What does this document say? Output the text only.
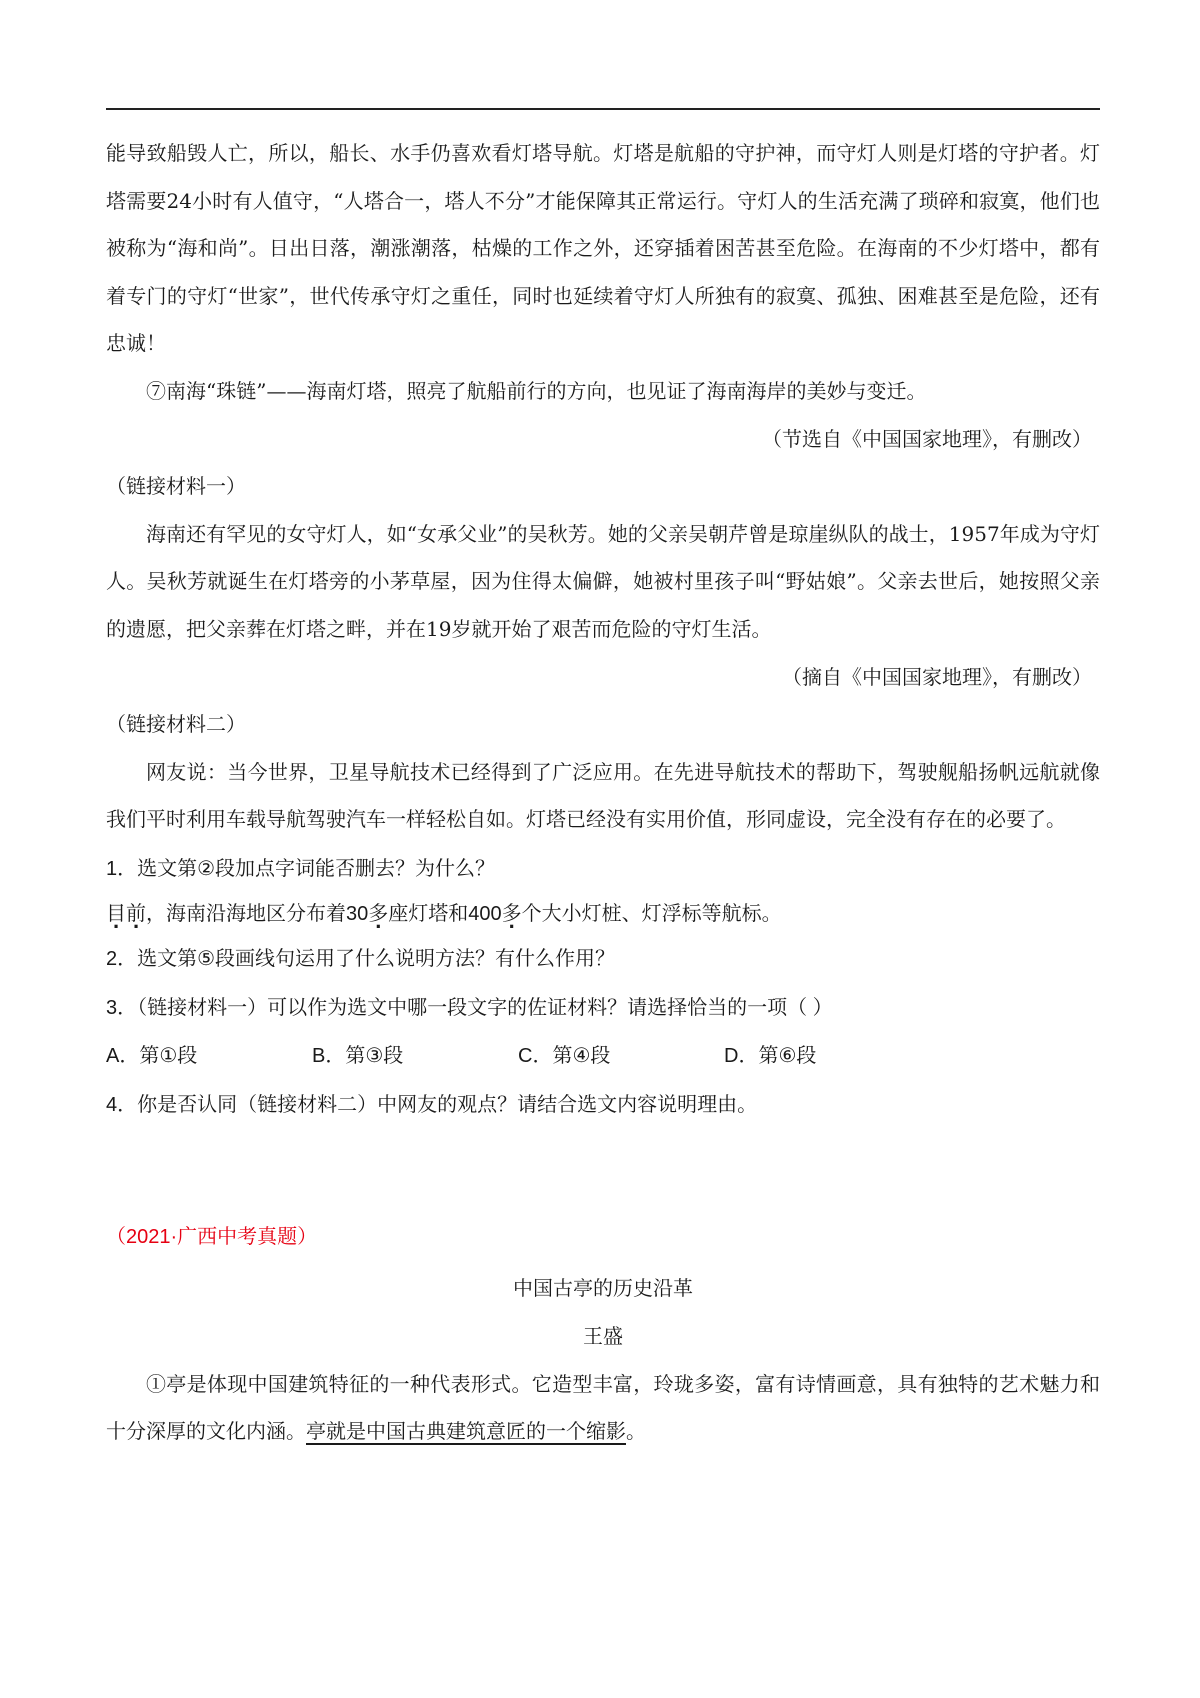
能导致船毁人亡，所以，船长、水手仍喜欢看灯塔导航。灯塔是航船的守护神，而守灯人则是灯塔的守护者。灯塔需要24小时有人值守，“人塔合一，塔人不分”才能保障其正常运行。守灯人的生活充满了琐碎和寂寞，他们也被称为“海和尚”。日出日落，潮涨潮落，枯燥的工作之外，还穿插着困苦甚至危险。在海南的不少灯塔中，都有着专门的守灯“世家”，世代传承守灯之重任，同时也延续着守灯人所独有的寂寞、孤独、困难甚至是危险，还有忠诚！

⑦南海“珠链”——海南灯塔，照亮了航船前行的方向，也见证了海南海岸的美妙与变迁。

（节选自《中国国家地理》，有删改）

（链接材料一）

海南还有罕见的女守灯人，如“女承父业”的吴秋芳。她的父亲吴朝芹曾是琼崖纵队的战士，1957年成为守灯人。吴秋芳就诞生在灯塔旁的小茅草屋，因为住得太偏僻，她被村里孩子叫“野姑娘”。父亲去世后，她按照父亲的遗愿，把父亲葬在灯塔之畔，并在19岁就开始了艰苦而危险的守灯生活。

（摘自《中国国家地理》，有删改）

（链接材料二）

网友说：当今世界，卫星导航技术已经得到了广泛应用。在先进导航技术的帮助下，驾驶舰船扬帆远航就像我们平时利用车载导航驾驶汽车一样轻松自如。灯塔已经没有实用价值，形同虚设，完全没有存在的必要了。

1．选文第②段加点字词能否删去？为什么？

目 .前 .，海南沿海地区分布着30多 .座灯塔和400多 .个大小灯桩、灯浮标等航标。

2．选文第⑤段画线句运用了什么说明方法？有什么作用？

3．（链接材料一）可以作为选文中哪一段文字的佐证材料？请选择恰当的一项（ ）

A．第①段	B．第③段	C．第④段	D．第⑥段

4．你是否认同（链接材料二）中网友的观点？请结合选文内容说明理由。

（2021·广西中考真题）

中国古亭的历史沿革

王盛

①亭是体现中国建筑特征的一种代表形式。它造型丰富，玲珑多姿，富有诗情画意，具有独特的艺术魅力和十分深厚的文化内涵。亭就是中国古典建筑意匠的一个缩影。
